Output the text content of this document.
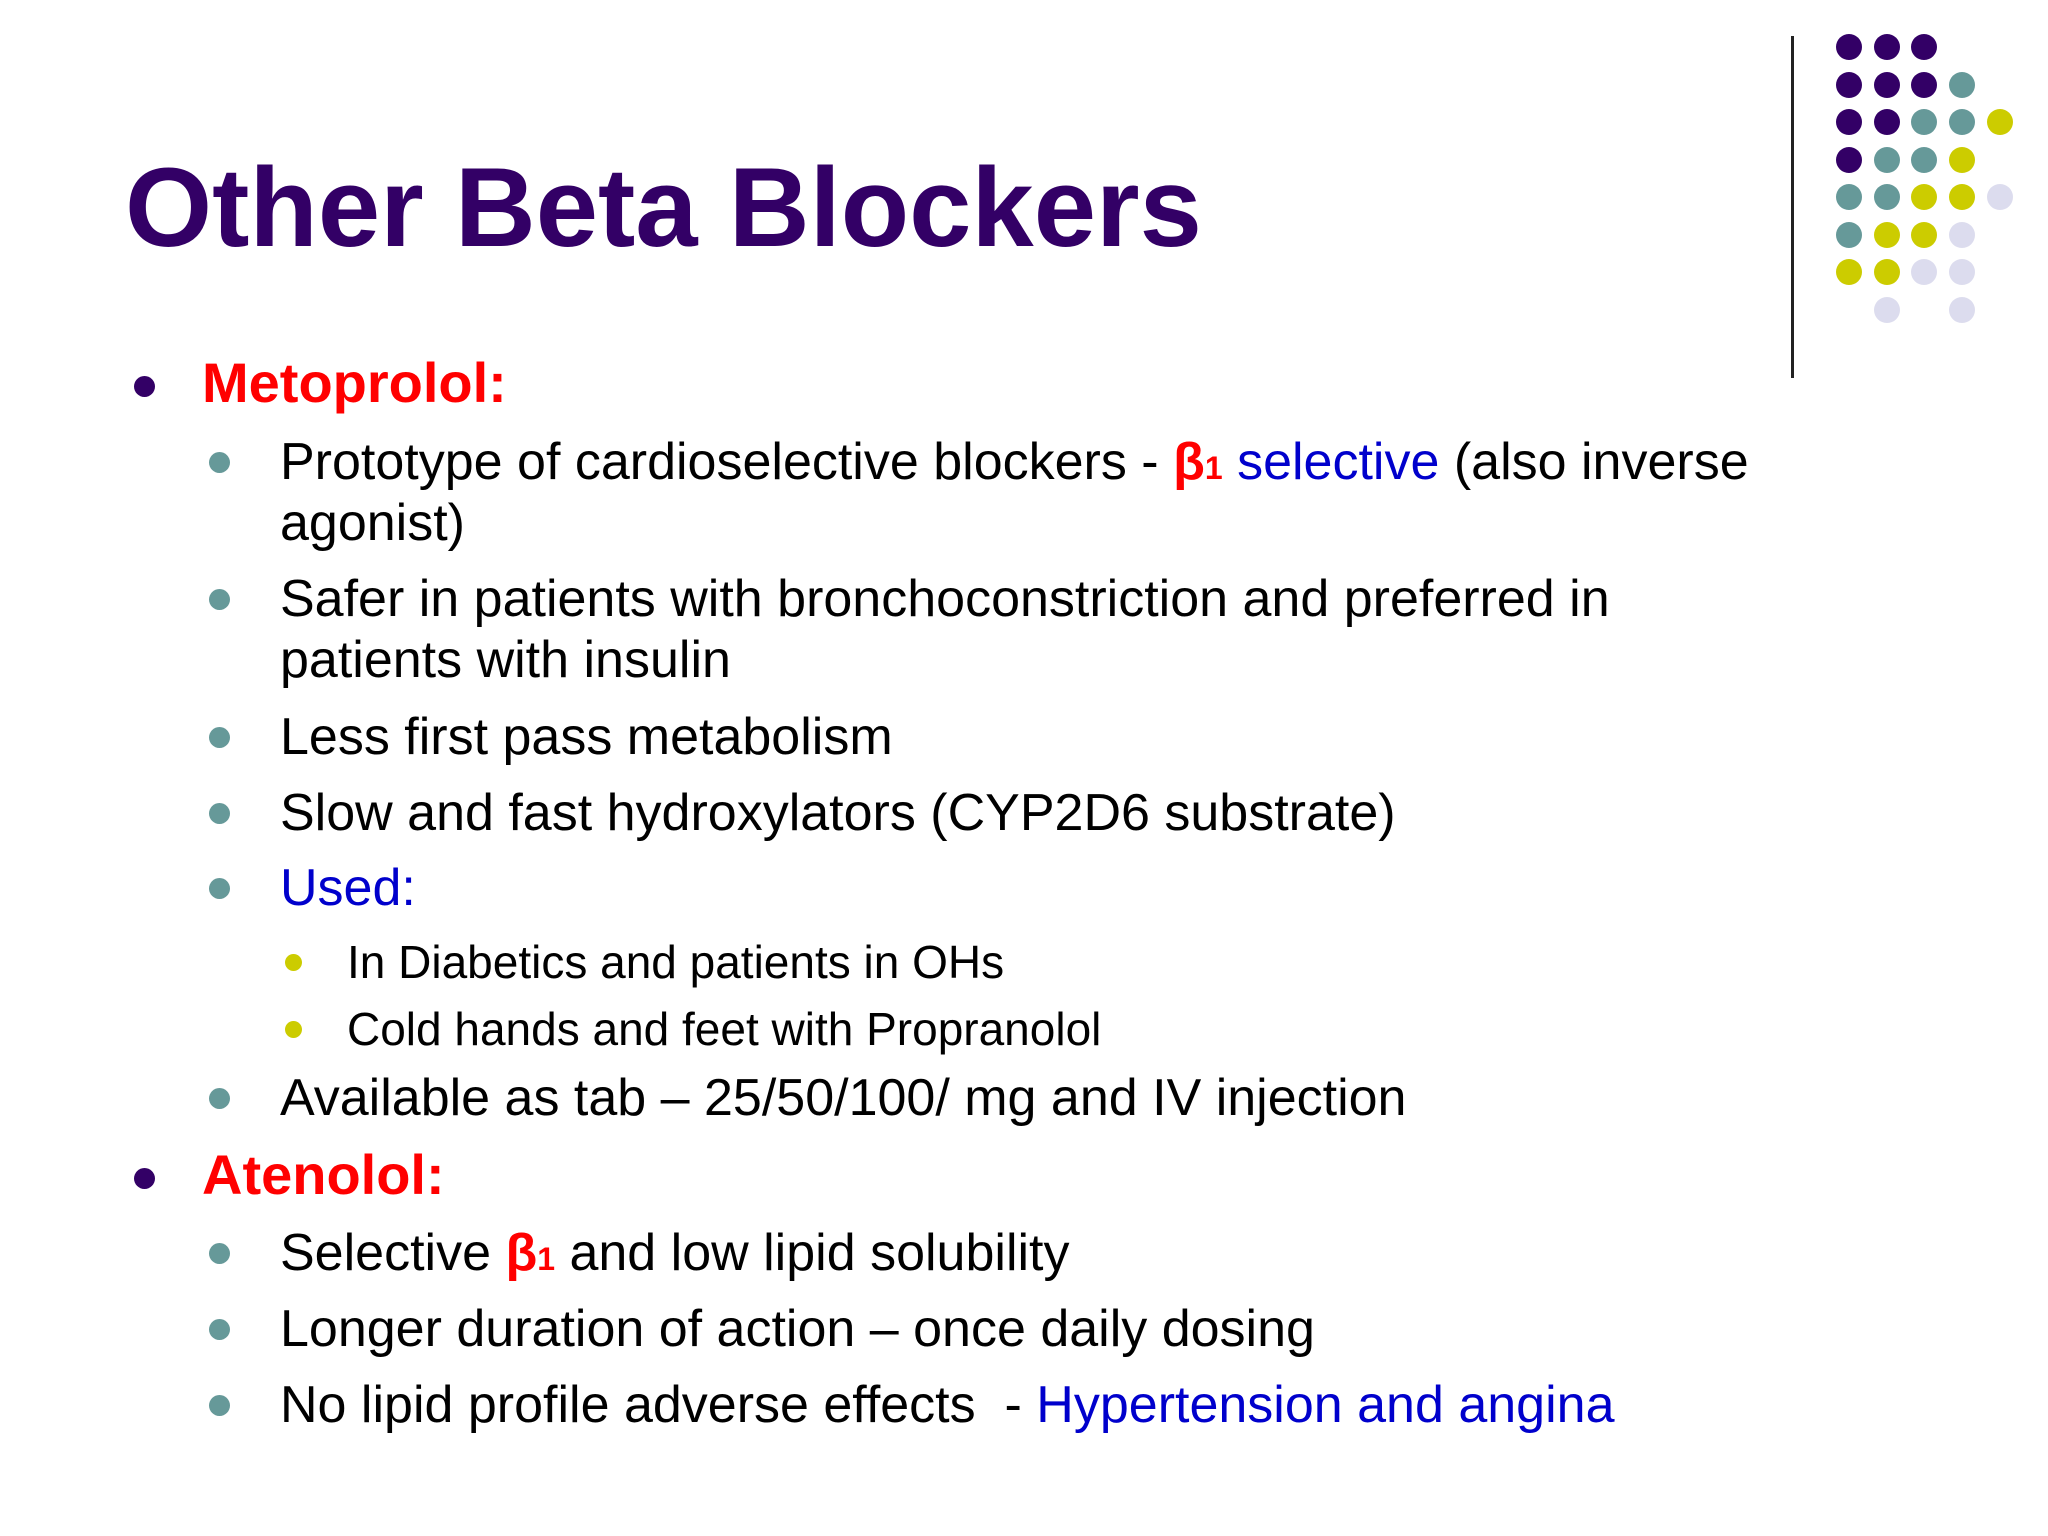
Other Beta Blockers
Metoprolol:
Prototype of cardioselective blockers - β1 selective (also inverse
agonist)
Safer in patients with bronchoconstriction and preferred in
patients with insulin
Less first pass metabolism
Slow and fast hydroxylators (CYP2D6 substrate)
Used:
In Diabetics and patients in OHs
Cold hands and feet with Propranolol
Available as tab – 25/50/100/ mg and IV injection
Atenolol:
Selective β1 and low lipid solubility
Longer duration of action – once daily dosing
No lipid profile adverse effects  - Hypertension and angina
